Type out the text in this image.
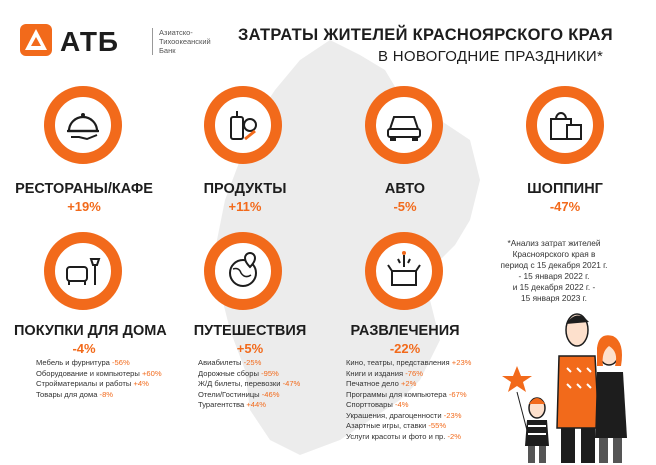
АТБ	Азиатско-
Тихоокеанский
Банк
ЗАТРАТЫ ЖИТЕЛЕЙ КРАСНОЯРСКОГО КРАЯ
В НОВОГОДНИЕ ПРАЗДНИКИ*
РЕСТОРАНЫ/КАФЕ
+19%
ПРОДУКТЫ
+11%
АВТО
-5%
ШОППИНГ
-47%
ПОКУПКИ ДЛЯ ДОМА
-4%
ПУТЕШЕСТВИЯ
+5%
РАЗВЛЕЧЕНИЯ
-22%
Мебель и фурнитура -56%
Оборудование и компьютеры +60%
Стройматериалы и работы +4%
Товары для дома -8%
Авиабилеты -25%
Дорожные сборы -95%
Ж/Д билеты, перевозки -47%
Отели/Гостиницы -46%
Турагентства +44%
Кино, театры, представления +23%
Книги и издания -76%
Печатное дело +2%
Программы для компьютера -67%
Спорттовары -4%
Украшения, драгоценности -23%
Азартные игры, ставки -55%
Услуги красоты и фото и пр. -2%
*Анализ затрат жителей
Красноярского края в
период с 15 декабря 2021 г.
- 15 января 2022 г.
и 15 декабря 2022 г. -
15 января 2023 г.
